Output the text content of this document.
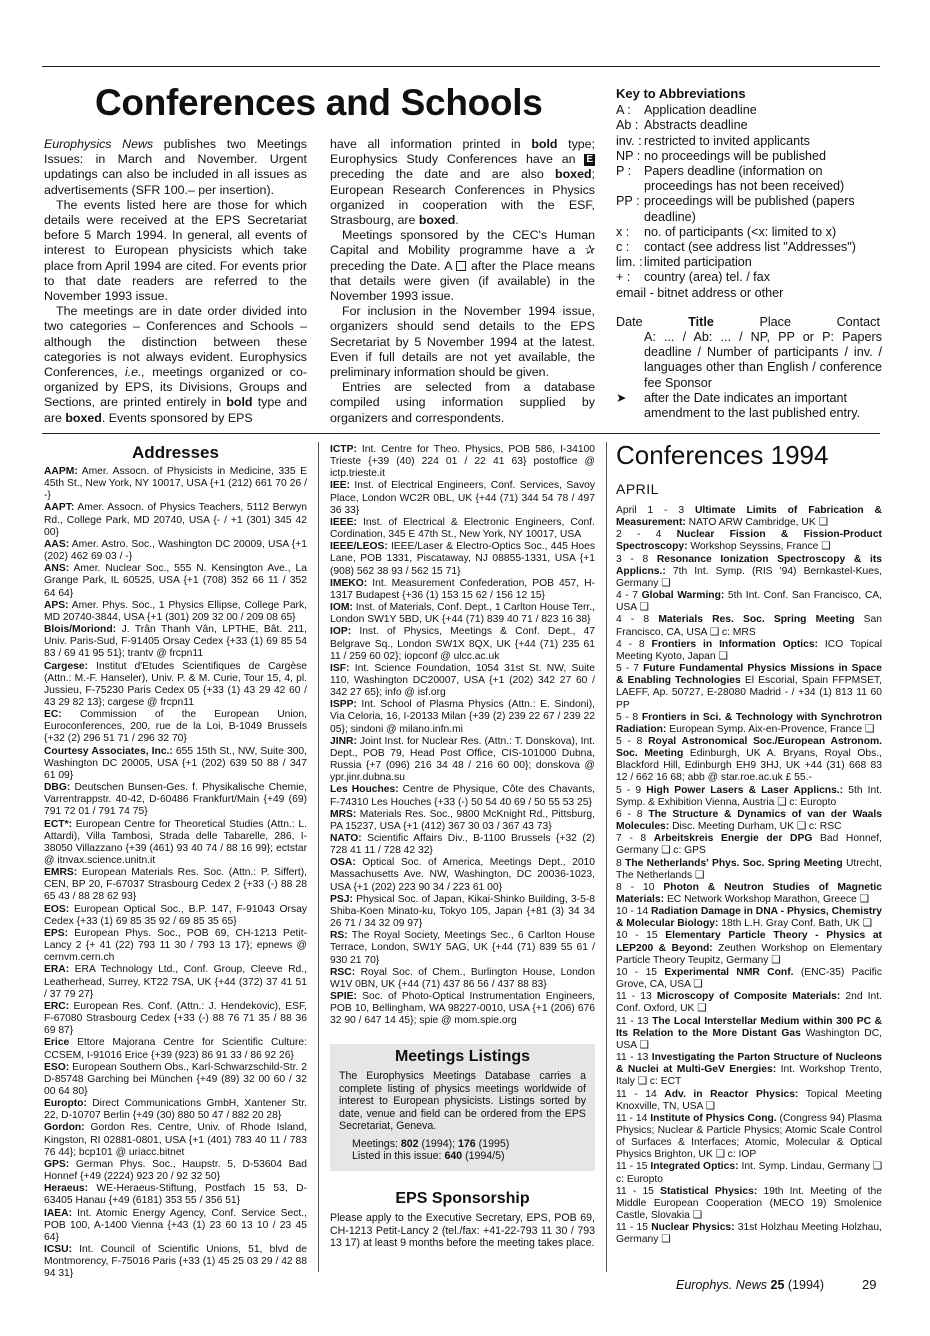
Conferences and Schools

Europhysics News publishes two Meetings Issues: in March and November. Urgent updatings can also be included in all issues as advertisements (SFR 100.– per insertion).

The events listed here are those for which details were received at the EPS Secretariat before 5 March 1994. In general, all events of interest to European physicists which take place from April 1994 are cited. For events prior to that date readers are referred to the November 1993 issue.

The meetings are in date order divided into two categories – Conferences and Schools – although the distinction between these categories is not always evident. Europhysics Conferences, i.e., meetings organized or co-organized by EPS, its Divisions, Groups and Sections, are printed entirely in bold type and are boxed. Events sponsored by EPS

have all information printed in bold type; Europhysics Study Conferences have an E preceding the date and are also boxed; European Research Conferences in Physics organized in cooperation with the ESF, Strasbourg, are boxed.

Meetings sponsored by the CEC's Human Capital and Mobility programme have a ✰ preceding the Date. A  after the Place means that details were given (if available) in the November 1993 issue.

For inclusion in the November 1994 issue, organizers should send details to the EPS Secretariat by 5 November 1994 at the latest. Even if full details are not yet available, the preliminary information should be given.

Entries are selected from a database compiled using information supplied by organizers and correspondents.

Key to Abbreviations
A :	Application deadline
Ab : Abstracts deadline
inv. : restricted to invited applicants
NP : no proceedings will be published
P :	Papers deadline (information on proceedings has not been received)
PP : proceedings will be published (papers deadline)
x :	no. of participants (<x: limited to x)
c :	contact (see address list "Addresses")
lim. : limited participation
+ :	country (area) tel. / fax
email - bitnet address or other
Date	Title	Place	Contact
A: ... / Ab: ... / NP, PP or P: Papers deadline / Number of participants / inv. / languages other than English / conference fee Sponsor
➤	after the Date indicates an important amendment to the last published entry.
Addresses

AAPM: Amer. Assocn. of Physicists in Medicine, 335 E 45th St., New York, NY 10017, USA {+1 (212) 661 70 26 / -}

AAPT: Amer. Assocn. of Physics Teachers, 5112 Berwyn Rd., College Park, MD 20740, USA {- / +1 (301) 345 42 00}

AAS: Amer. Astro. Soc., Washington DC 20009, USA {+1 (202) 462 69 03 / -}

ANS: Amer. Nuclear Soc., 555 N. Kensington Ave., La Grange Park, IL 60525, USA {+1 (708) 352 66 11 / 352 64 64}

APS: Amer. Phys. Soc., 1 Physics Ellipse, College Park, MD 20740-3844, USA {+1 (301) 209 32 00 / 209 08 65}

Blois/Moriond: J. Trân Thanh Vân, LPTHE, Bât. 211, Univ. Paris-Sud, F-91405 Orsay Cedex {+33 (1) 69 85 54 83 / 69 41 95 51}; trantv @ frcpn11

Cargese: Institut d'Etudes Scientifiques de Cargèse (Attn.: M.-F. Hanseler), Univ. P. & M. Curie, Tour 15, 4, pl. Jussieu, F-75230 Paris Cedex 05 {+33 (1) 43 29 42 60 / 43 29 82 13}; cargese @ frcpn11

EC: Commission of the European Union, Euroconferences, 200, rue de la Loi, B-1049 Brussels {+32 (2) 296 51 71 / 296 32 70}

Courtesy Associates, Inc.: 655 15th St., NW, Suite 300, Washington DC 20005, USA {+1 (202) 639 50 88 / 347 61 09}

DBG: Deutschen Bunsen-Ges. f. Physikalische Chemie, Varrentrappstr. 40-42, D-60486 Frankfurt/Main {+49 (69) 791 72 01 / 791 74 75}

ECT*: European Centre for Theoretical Studies (Attn.: L. Attardi), Villa Tambosi, Strada delle Tabarelle, 286, I-38050 Villazzano {+39 (461) 93 40 74 / 88 16 99}; ectstar @ itnvax.science.unitn.it

EMRS: European Materials Res. Soc. (Attn.: P. Siffert), CEN, BP 20, F-67037 Strasbourg Cedex 2 {+33 (-) 88 28 65 43 / 88 28 62 93}

EOS: European Optical Soc., B.P. 147, F-91043 Orsay Cedex {+33 (1) 69 85 35 92 / 69 85 35 65}

EPS: European Phys. Soc., POB 69, CH-1213 Petit-Lancy 2 {+ 41 (22) 793 11 30 / 793 13 17}; epnews @ cernvm.cern.ch

ERA: ERA Technology Ltd., Conf. Group, Cleeve Rd., Leatherhead, Surrey, KT22 7SA, UK {+44 (372) 37 41 51 / 37 79 27}

ERC: European Res. Conf. (Attn.: J. Hendekovic), ESF, F-67080 Strasbourg Cedex {+33 (-) 88 76 71 35 / 88 36 69 87}

Erice Ettore Majorana Centre for Scientific Culture: CCSEM, I-91016 Erice {+39 (923) 86 91 33 / 86 92 26}

ESO: European Southern Obs., Karl-Schwarzschild-Str. 2 D-85748 Garching bei München {+49 (89) 32 00 60 / 32 00 64 80}

Europto: Direct Communications GmbH, Xantener Str. 22, D-10707 Berlin {+49 (30) 880 50 47 / 882 20 28}

Gordon: Gordon Res. Centre, Univ. of Rhode Island, Kingston, RI 02881-0801, USA {+1 (401) 783 40 11 / 783 76 44}; bcp101 @ uriacc.bitnet

GPS: German Phys. Soc., Haupstr. 5, D-53604 Bad Honnef {+49 (2224) 923 20 / 92 32 50}

Heraeus: WE-Heraeus-Stiftung, Postfach 15 53, D-63405 Hanau {+49 (6181) 353 55 / 356 51}

IAEA: Int. Atomic Energy Agency, Conf. Service Sect., POB 100, A-1400 Vienna {+43 (1) 23 60 13 10 / 23 45 64}

ICSU: Int. Council of Scientific Unions, 51, blvd de Montmorency, F-75016 Paris {+33 (1) 45 25 03 29 / 42 88 94 31}

ICTP: Int. Centre for Theo. Physics, POB 586, I-34100 Trieste {+39 (40) 224 01 / 22 41 63} postoffice @ ictp.trieste.it

IEE: Inst. of Electrical Engineers, Conf. Services, Savoy Place, London WC2R 0BL, UK {+44 (71) 344 54 78 / 497 36 33}

IEEE: Inst. of Electrical & Electronic Engineers, Conf. Cordination, 345 E 47th St., New York, NY 10017, USA

IEEE/LEOS: IEEE/Laser & Electro-Optics Soc., 445 Hoes Lane, POB 1331, Piscataway, NJ 08855-1331, USA {+1 (908) 562 38 93 / 562 15 71}

IMEKO: Int. Measurement Confederation, POB 457, H-1317 Budapest {+36 (1) 153 15 62 / 156 12 15}

IOM: Inst. of Materials, Conf. Dept., 1 Carlton House Terr., London SW1Y 5BD, UK {+44 (71) 839 40 71 / 823 16 38}

IOP: Inst. of Physics, Meetings & Conf. Dept., 47 Belgrave Sq., London SW1X 8QX, UK {+44 (71) 235 61 11 / 259 60 02}; iopconf @ ulcc.ac.uk

ISF: Int. Science Foundation, 1054 31st St. NW, Suite 110, Washington DC20007, USA {+1 (202) 342 27 60 / 342 27 65}; info @ isf.org

ISPP: Int. School of Plasma Physics (Attn.: E. Sindoni), Via Celoria, 16, I-20133 Milan {+39 (2) 239 22 67 / 239 22 05}; sindoni @ milano.infn.mi

JINR: Joint Inst. for Nuclear Res. (Attn.: T. Donskova), Int. Dept., POB 79, Head Post Office, CIS-101000 Dubna, Russia {+7 (096) 216 34 48 / 216 60 00}; donskova @ ypr.jinr.dubna.su

Les Houches: Centre de Physique, Côte des Chavants, F-74310 Les Houches {+33 (-) 50 54 40 69 / 50 55 53 25}

MRS: Materials Res. Soc., 9800 McKnight Rd., Pittsburg, PA 15237, USA {+1 (412) 367 30 03 / 367 43 73}

NATO: Scientific Affairs Div., B-1100 Brussels {+32 (2) 728 41 11 / 728 42 32}

OSA: Optical Soc. of America, Meetings Dept., 2010 Massachusetts Ave. NW, Washington, DC 20036-1023, USA {+1 (202) 223 90 34 / 223 61 00}

PSJ: Physical Soc. of Japan, Kikai-Shinko Building, 3-5-8 Shiba-Koen Minato-ku, Tokyo 105, Japan {+81 (3) 34 34 26 71 / 34 32 09 97}

RS: The Royal Society, Meetings Sec., 6 Carlton House Terrace, London, SW1Y 5AG, UK {+44 (71) 839 55 61 / 930 21 70}

RSC: Royal Soc. of Chem., Burlington House, London W1V 0BN, UK {+44 (71) 437 86 56 / 437 88 83}

SPIE: Soc. of Photo-Optical Instrumentation Engineers, POB 10, Bellingham, WA 98227-0010, USA {+1 (206) 676 32 90 / 647 14 45}; spie @ mom.spie.org

Meetings Listings
The Europhysics Meetings Database carries a complete listing of physics meetings worldwide of interest to European physicists. Listings sorted by date, venue and field can be ordered from the EPS Secretariat, Geneva.
Meetings: 802 (1994); 176 (1995)
Listed in this issue: 640 (1994/5)
EPS Sponsorship
Please apply to the Executive Secretary, EPS, POB 69, CH-1213 Petit-Lancy 2 (tel./fax: +41-22-793 11 30 / 793 13 17) at least 9 months before the meeting takes place.
Conferences 1994
APRIL

April 1 - 3 Ultimate Limits of Fabrication & Measurement: NATO ARW Cambridge, UK ❑

2 - 4 Nuclear Fission & Fission-Product Spectroscopy: Workshop Seyssins, France ❑

3 - 8 Resonance Ionization Spectroscopy & its Applicns.: 7th Int. Symp. (RIS '94) Bernkastel-Kues, Germany ❑

4 - 7 Global Warming: 5th Int. Conf. San Francisco, CA, USA ❑

4 - 8 Materials Res. Soc. Spring Meeting San Francisco, CA, USA ❑ c: MRS

4 - 8 Frontiers in Information Optics: ICO Topical Meeting Kyoto, Japan ❑

5 - 7 Future Fundamental Physics Missions in Space & Enabling Technologies El Escorial, Spain FFPMSET, LAEFF, Ap. 50727, E-28080 Madrid - / +34 (1) 813 11 60 PP

5 - 8 Frontiers in Sci. & Technology with Synchrotron Radiation: European Symp. Aix-en-Provence, France ❑

5 - 8 Royal Astronomical Soc./European Astronom. Soc. Meeting Edinburgh, UK A. Bryans, Royal Obs., Blackford Hill, Edinburgh EH9 3HJ, UK +44 (31) 668 83 12 / 662 16 68; abb @ star.roe.ac.uk £ 55.-

5 - 9 High Power Lasers & Laser Applicns.: 5th Int. Symp. & Exhibition Vienna, Austria ❑ c: Europto

6 - 8 The Structure & Dynamics of van der Waals Molecules: Disc. Meeting Durham, UK ❑ c: RSC

7 - 8 Arbeitskreis Energie der DPG Bad Honnef, Germany ❑ c: GPS

8 The Netherlands' Phys. Soc. Spring Meeting Utrecht, The Netherlands ❑

8 - 10 Photon & Neutron Studies of Magnetic Materials: EC Network Workshop Marathon, Greece ❑

10 - 14 Radiation Damage in DNA - Physics, Chemistry & Molecular Biology: 18th L.H. Gray Conf. Bath, UK ❑

10 - 15 Elementary Particle Theory - Physics at LEP200 & Beyond: Zeuthen Workshop on Elementary Particle Theory Teupitz, Germany ❑

10 - 15 Experimental NMR Conf. (ENC-35) Pacific Grove, CA, USA ❑

11 - 13 Microscopy of Composite Materials: 2nd Int. Conf. Oxford, UK ❑

11 - 13 The Local Interstellar Medium within 300 PC & Its Relation to the More Distant Gas Washington DC, USA ❑

11 - 13 Investigating the Parton Structure of Nucleons & Nuclei at Multi-GeV Energies: Int. Workshop Trento, Italy ❑ c: ECT

11 - 14 Adv. in Reactor Physics: Topical Meeting Knoxville, TN, USA ❑

11 - 14 Institute of Physics Cong. (Congress 94) Plasma Physics; Nuclear & Particle Physics; Atomic Scale Control of Surfaces & Interfaces; Atomic, Molecular & Optical Physics Brighton, UK ❑ c: IOP

11 - 15 Integrated Optics: Int. Symp. Lindau, Germany ❑ c: Europto

11 - 15 Statistical Physics: 19th Int. Meeting of the Middle European Cooperation (MECO 19) Smolenice Castle, Slovakia ❑

11 - 15 Nuclear Physics: 31st Holzhau Meeting Holzhau, Germany ❑

Europhys. News 25 (1994)	29
